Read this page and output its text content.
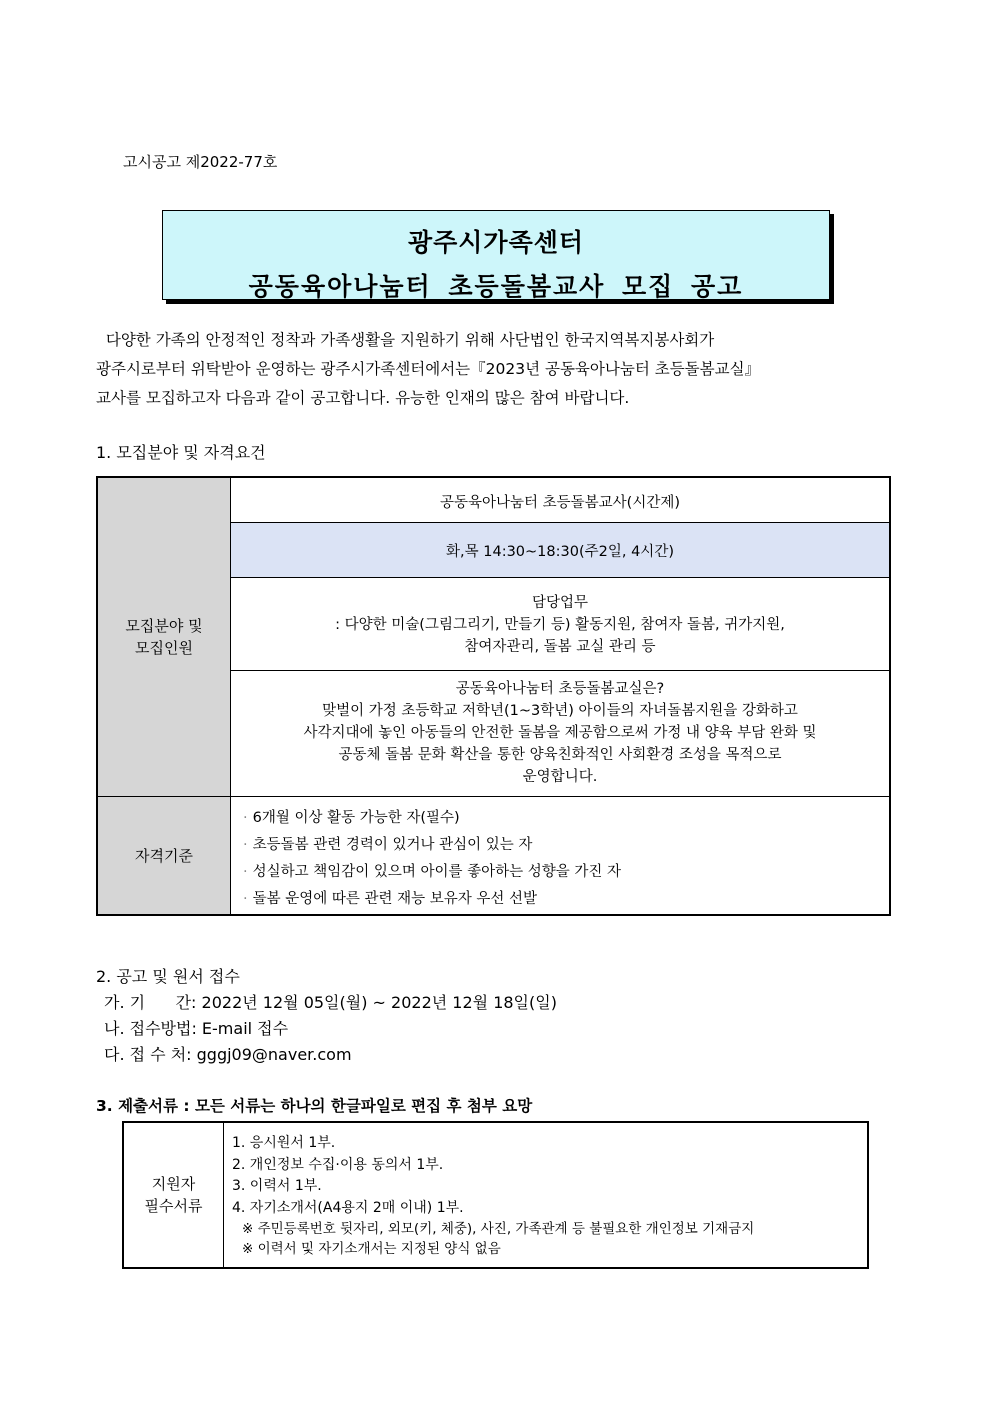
고시공고 제2022-77호
광주시가족센터
공동육아나눔터 초등돌봄교사 모집 공고

다양한 가족의 안정적인 정착과 가족생활을 지원하기 위해 사단법인 한국지역복지봉사회가

광주시로부터 위탁받아 운영하는 광주시가족센터에서는『2023년 공동육아나눔터 초등돌봄교실』

교사를 모집하고자 다음과 같이 공고합니다. 유능한 인재의 많은 참여 바랍니다.

1. 모집분야 및 자격요건
모집분야 및
모집인원
자격기준
공동육아나눔터 초등돌봄교사(시간제)
화,목 14:30~18:30(주2일, 4시간)
담당업무
: 다양한 미술(그림그리기, 만들기 등) 활동지원, 참여자 돌봄, 귀가지원,
참여자관리, 돌봄 교실 관리 등
공동육아나눔터 초등돌봄교실은?
맞벌이 가정 초등학교 저학년(1~3학년) 아이들의 자녀돌봄지원을 강화하고
사각지대에 놓인 아동들의 안전한 돌봄을 제공함으로써 가정 내 양육 부담 완화 및
공동체 돌봄 문화 확산을 통한 양육친화적인 사회환경 조성을 목적으로
운영합니다.

· 6개월 이상 활동 가능한 자(필수)

· 초등돌봄 관련 경력이 있거나 관심이 있는 자

· 성실하고 책임감이 있으며 아이를 좋아하는 성향을 가진 자

· 돌봄 운영에 따른 관련 재능 보유자 우선 선발

2. 공고 및 원서 접수

가. 기      간: 2022년 12월 05일(월) ~ 2022년 12월 18일(일)

나. 접수방법: E-mail 접수

다. 접 수 처: gggj09@naver.com

3. 제출서류 : 모든 서류는 하나의 한글파일로 편집 후 첨부 요망
지원자
필수서류

1. 응시원서 1부.

2. 개인정보 수집·이용 동의서 1부.

3. 이력서 1부.

4. 자기소개서(A4용지 2매 이내) 1부.

※ 주민등록번호 뒷자리, 외모(키, 체중), 사진, 가족관계 등 불필요한 개인정보 기재금지

※ 이력서 및 자기소개서는 지정된 양식 없음
